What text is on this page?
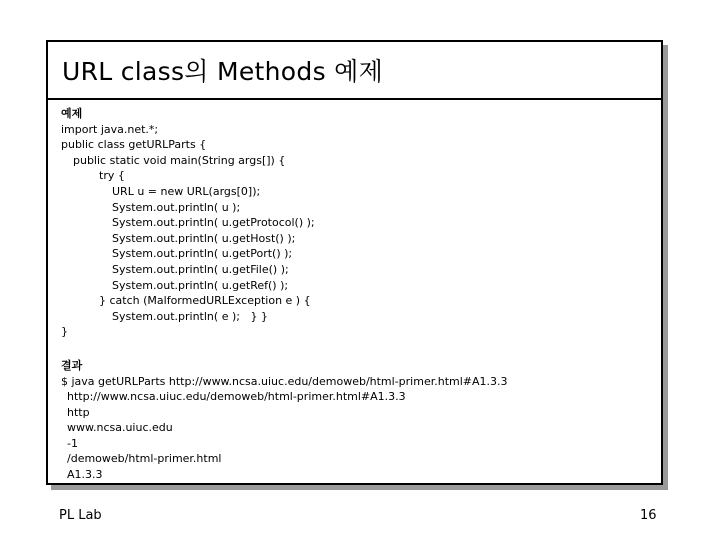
URL class의 Methods 예제
예제
import java.net.*;
public class getURLParts {
public static void main(String args[]) {
try {
URL u = new URL(args[0]);
System.out.println( u );
System.out.println( u.getProtocol() );
System.out.println( u.getHost() );
System.out.println( u.getPort() );
System.out.println( u.getFile() );
System.out.println( u.getRef() );
} catch (MalformedURLException e ) {
System.out.println( e );   } }
}
결과
$ java getURLParts http://www.ncsa.uiuc.edu/demoweb/html-primer.html#A1.3.3
http://www.ncsa.uiuc.edu/demoweb/html-primer.html#A1.3.3
http
www.ncsa.uiuc.edu
-1
/demoweb/html-primer.html
A1.3.3
PL Lab	16
